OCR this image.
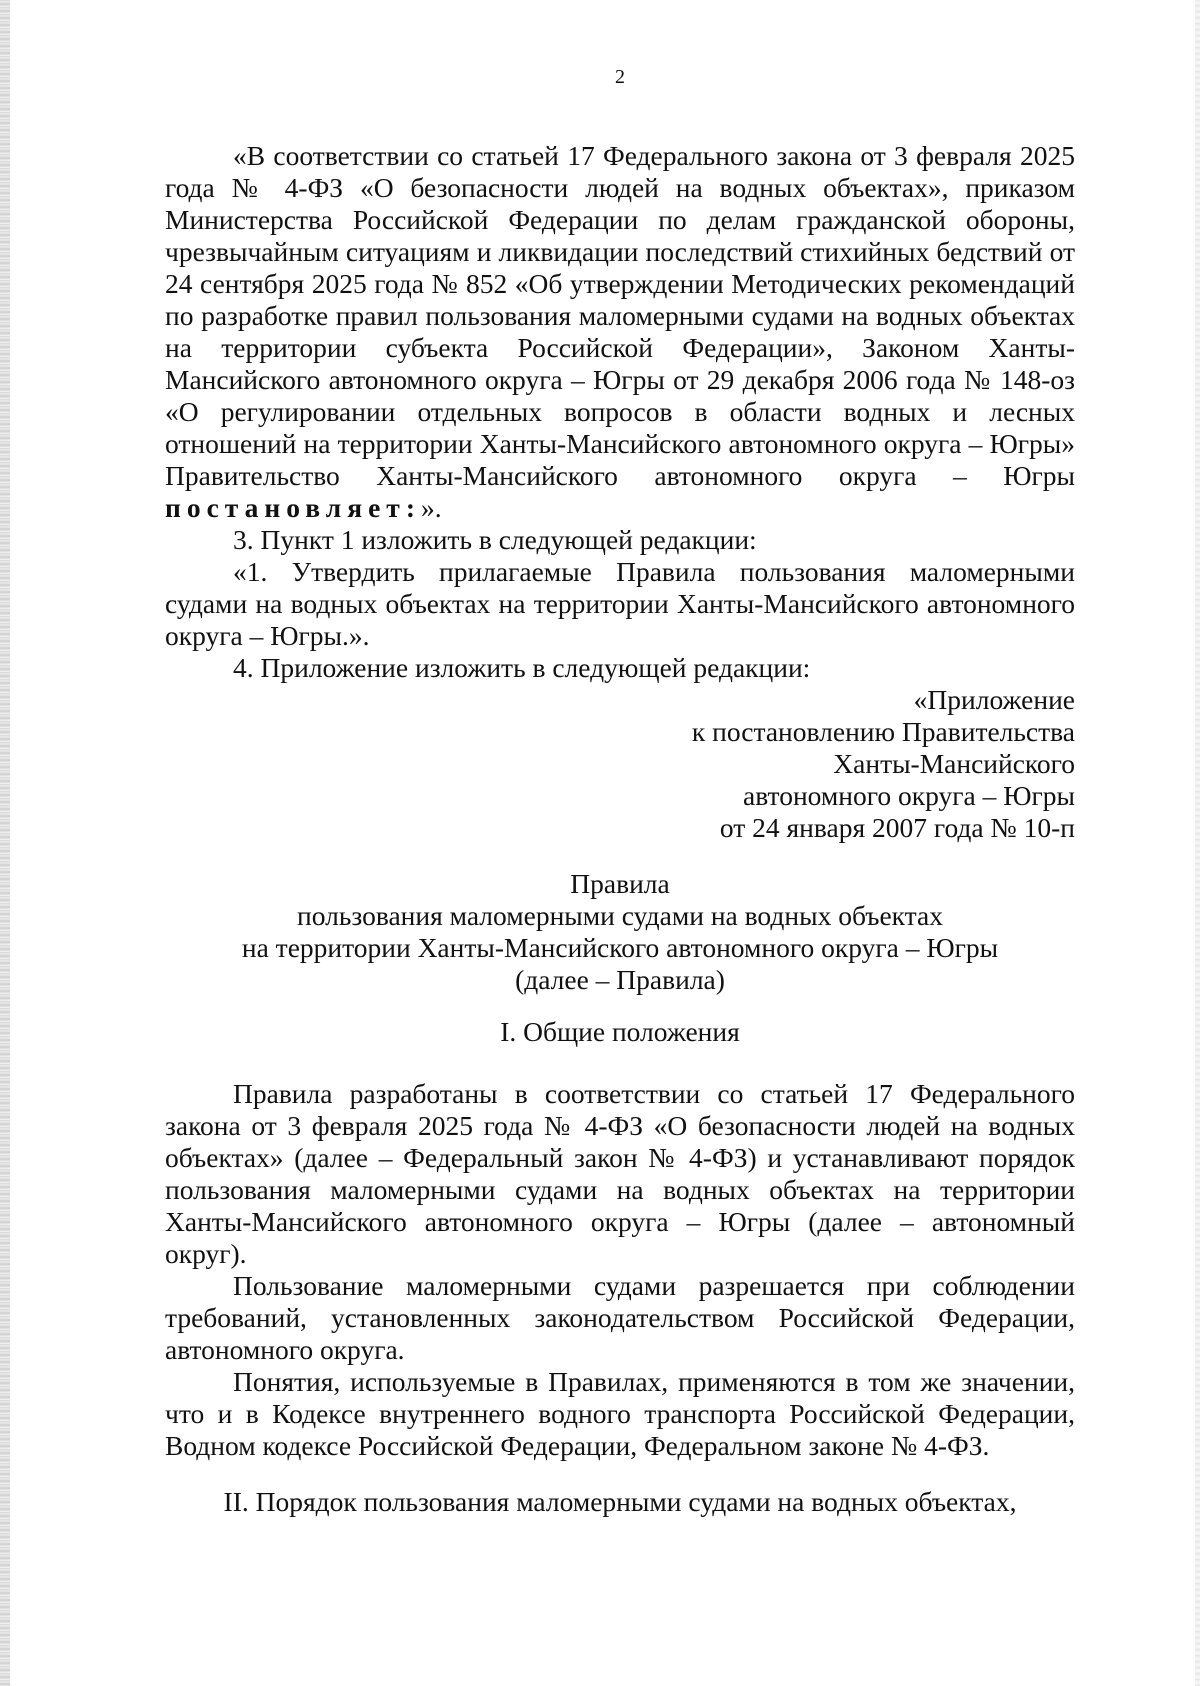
2

«В соответствии со статьей 17 Федерального закона от 3 февраля 2025 года № 4-ФЗ «О безопасности людей на водных объектах», приказом Министерства Российской Федерации по делам гражданской обороны, чрезвычайным ситуациям и ликвидации последствий стихийных бедствий от 24 сентября 2025 года № 852 «Об утверждении Методических рекомендаций по разработке правил пользования маломерными судами на водных объектах на территории субъекта Российской Федерации», Законом Ханты-Мансийского автономного округа – Югры от 29 декабря 2006 года № 148-оз «О регулировании отдельных вопросов в области водных и лесных отношений на территории Ханты-Мансийского автономного округа – Югры» Правительство Ханты-Мансийского автономного округа – Югры постановляет:».

3. Пункт 1 изложить в следующей редакции:

«1. Утвердить прилагаемые Правила пользования маломерными судами на водных объектах на территории Ханты-Мансийского автономного округа – Югры.».

4. Приложение изложить в следующей редакции:

«Приложение

к постановлению Правительства

Ханты-Мансийского

автономного округа – Югры

от 24 января 2007 года № 10-п

Правила

пользования маломерными судами на водных объектах

на территории Ханты-Мансийского автономного округа – Югры

(далее – Правила)

I. Общие положения

Правила разработаны в соответствии со статьей 17 Федерального закона от 3 февраля 2025 года № 4-ФЗ «О безопасности людей на водных объектах» (далее – Федеральный закон № 4-ФЗ) и устанавливают порядок пользования маломерными судами на водных объектах на территории Ханты-Мансийского автономного округа – Югры (далее – автономный округ).

Пользование маломерными судами разрешается при соблюдении требований, установленных законодательством Российской Федерации, автономного округа.

Понятия, используемые в Правилах, применяются в том же значении, что и в Кодексе внутреннего водного транспорта Российской Федерации, Водном кодексе Российской Федерации, Федеральном законе № 4-ФЗ.

II. Порядок пользования маломерными судами на водных объектах,
